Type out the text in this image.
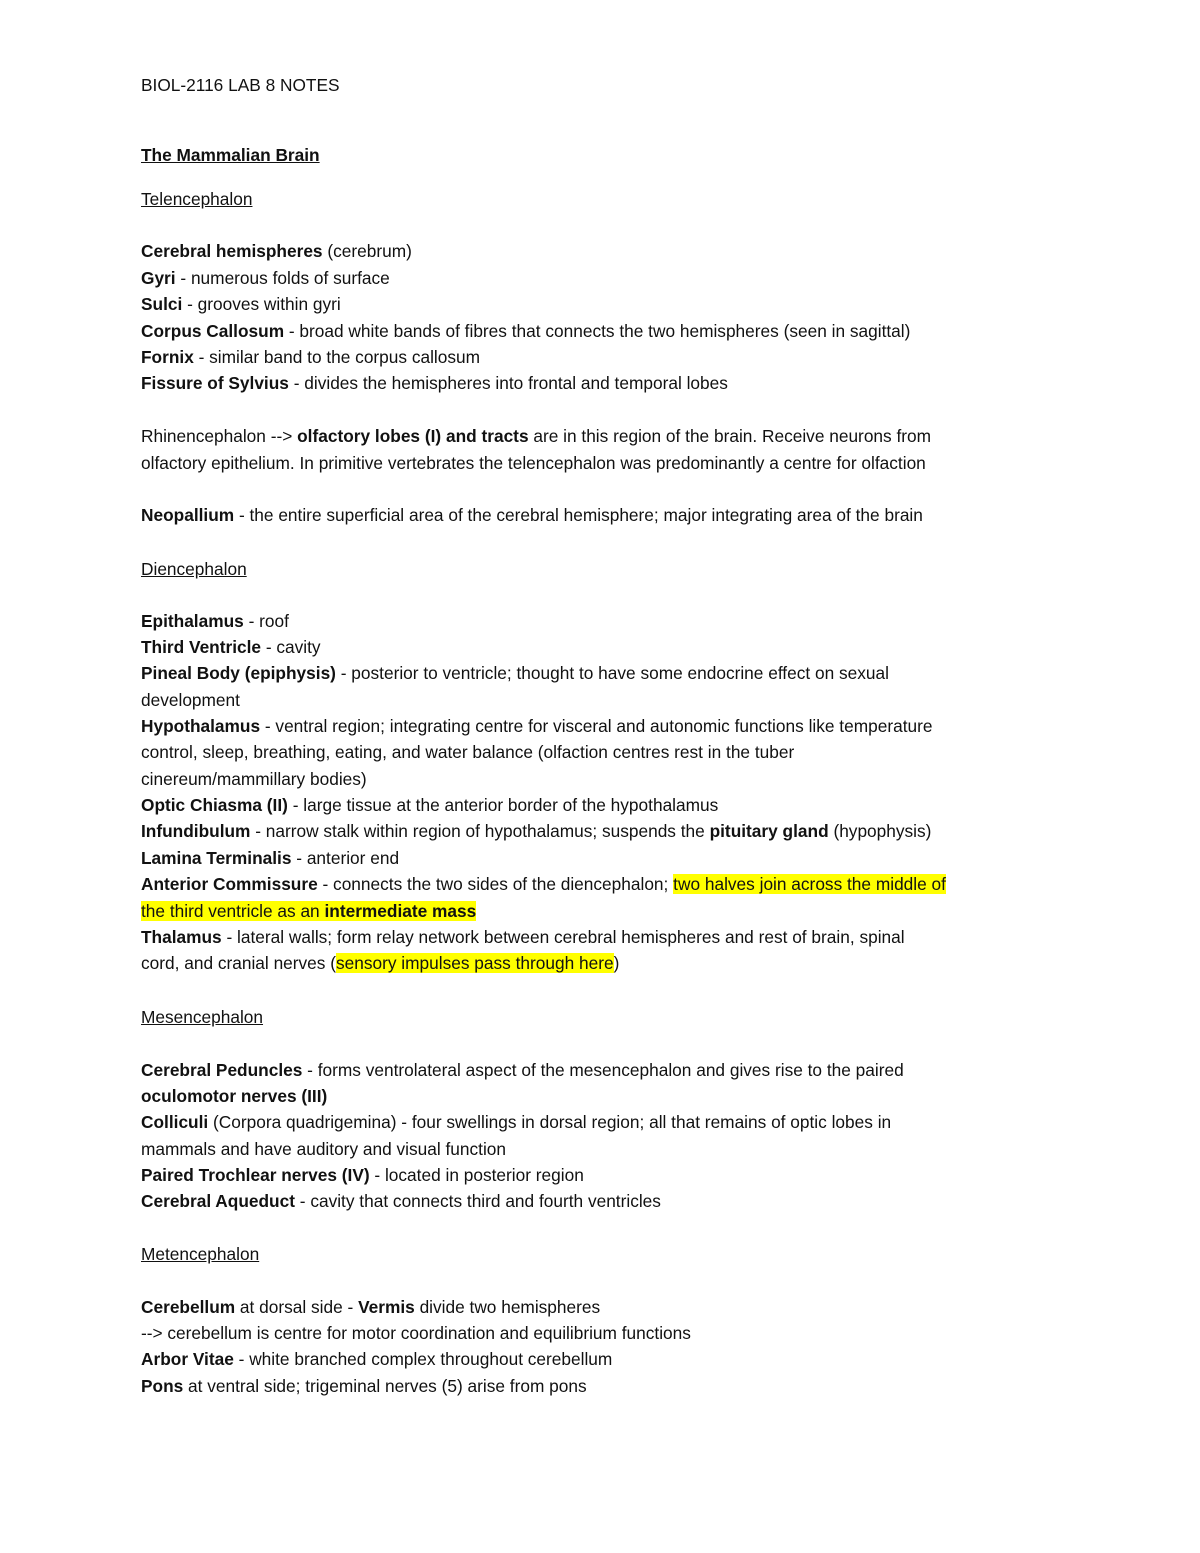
BIOL-2116 LAB 8 NOTES
The Mammalian Brain
Telencephalon
Cerebral hemispheres (cerebrum)
Gyri - numerous folds of surface
Sulci - grooves within gyri
Corpus Callosum - broad white bands of fibres that connects the two hemispheres (seen in sagittal)
Fornix - similar band to the corpus callosum
Fissure of Sylvius - divides the hemispheres into frontal and temporal lobes
Rhinencephalon --> olfactory lobes (I) and tracts are in this region of the brain. Receive neurons from
olfactory epithelium. In primitive vertebrates the telencephalon was predominantly a centre for olfaction
Neopallium - the entire superficial area of the cerebral hemisphere; major integrating area of the brain
Diencephalon
Epithalamus - roof
Third Ventricle - cavity
Pineal Body (epiphysis) - posterior to ventricle; thought to have some endocrine effect on sexual
development
Hypothalamus - ventral region; integrating centre for visceral and autonomic functions like temperature
control, sleep, breathing, eating, and water balance (olfaction centres rest in the tuber
cinereum/mammillary bodies)
Optic Chiasma (II) - large tissue at the anterior border of the hypothalamus
Infundibulum - narrow stalk within region of hypothalamus; suspends the pituitary gland (hypophysis)
Lamina Terminalis - anterior end
Anterior Commissure - connects the two sides of the diencephalon; two halves join across the middle of
the third ventricle as an intermediate mass
Thalamus - lateral walls; form relay network between cerebral hemispheres and rest of brain, spinal
cord, and cranial nerves (sensory impulses pass through here)
Mesencephalon
Cerebral Peduncles - forms ventrolateral aspect of the mesencephalon and gives rise to the paired
oculomotor nerves (III)
Colliculi (Corpora quadrigemina) - four swellings in dorsal region; all that remains of optic lobes in
mammals and have auditory and visual function
Paired Trochlear nerves (IV) - located in posterior region
Cerebral Aqueduct - cavity that connects third and fourth ventricles
Metencephalon
Cerebellum at dorsal side - Vermis divide two hemispheres
--> cerebellum is centre for motor coordination and equilibrium functions
Arbor Vitae - white branched complex throughout cerebellum
Pons at ventral side; trigeminal nerves (5) arise from pons
